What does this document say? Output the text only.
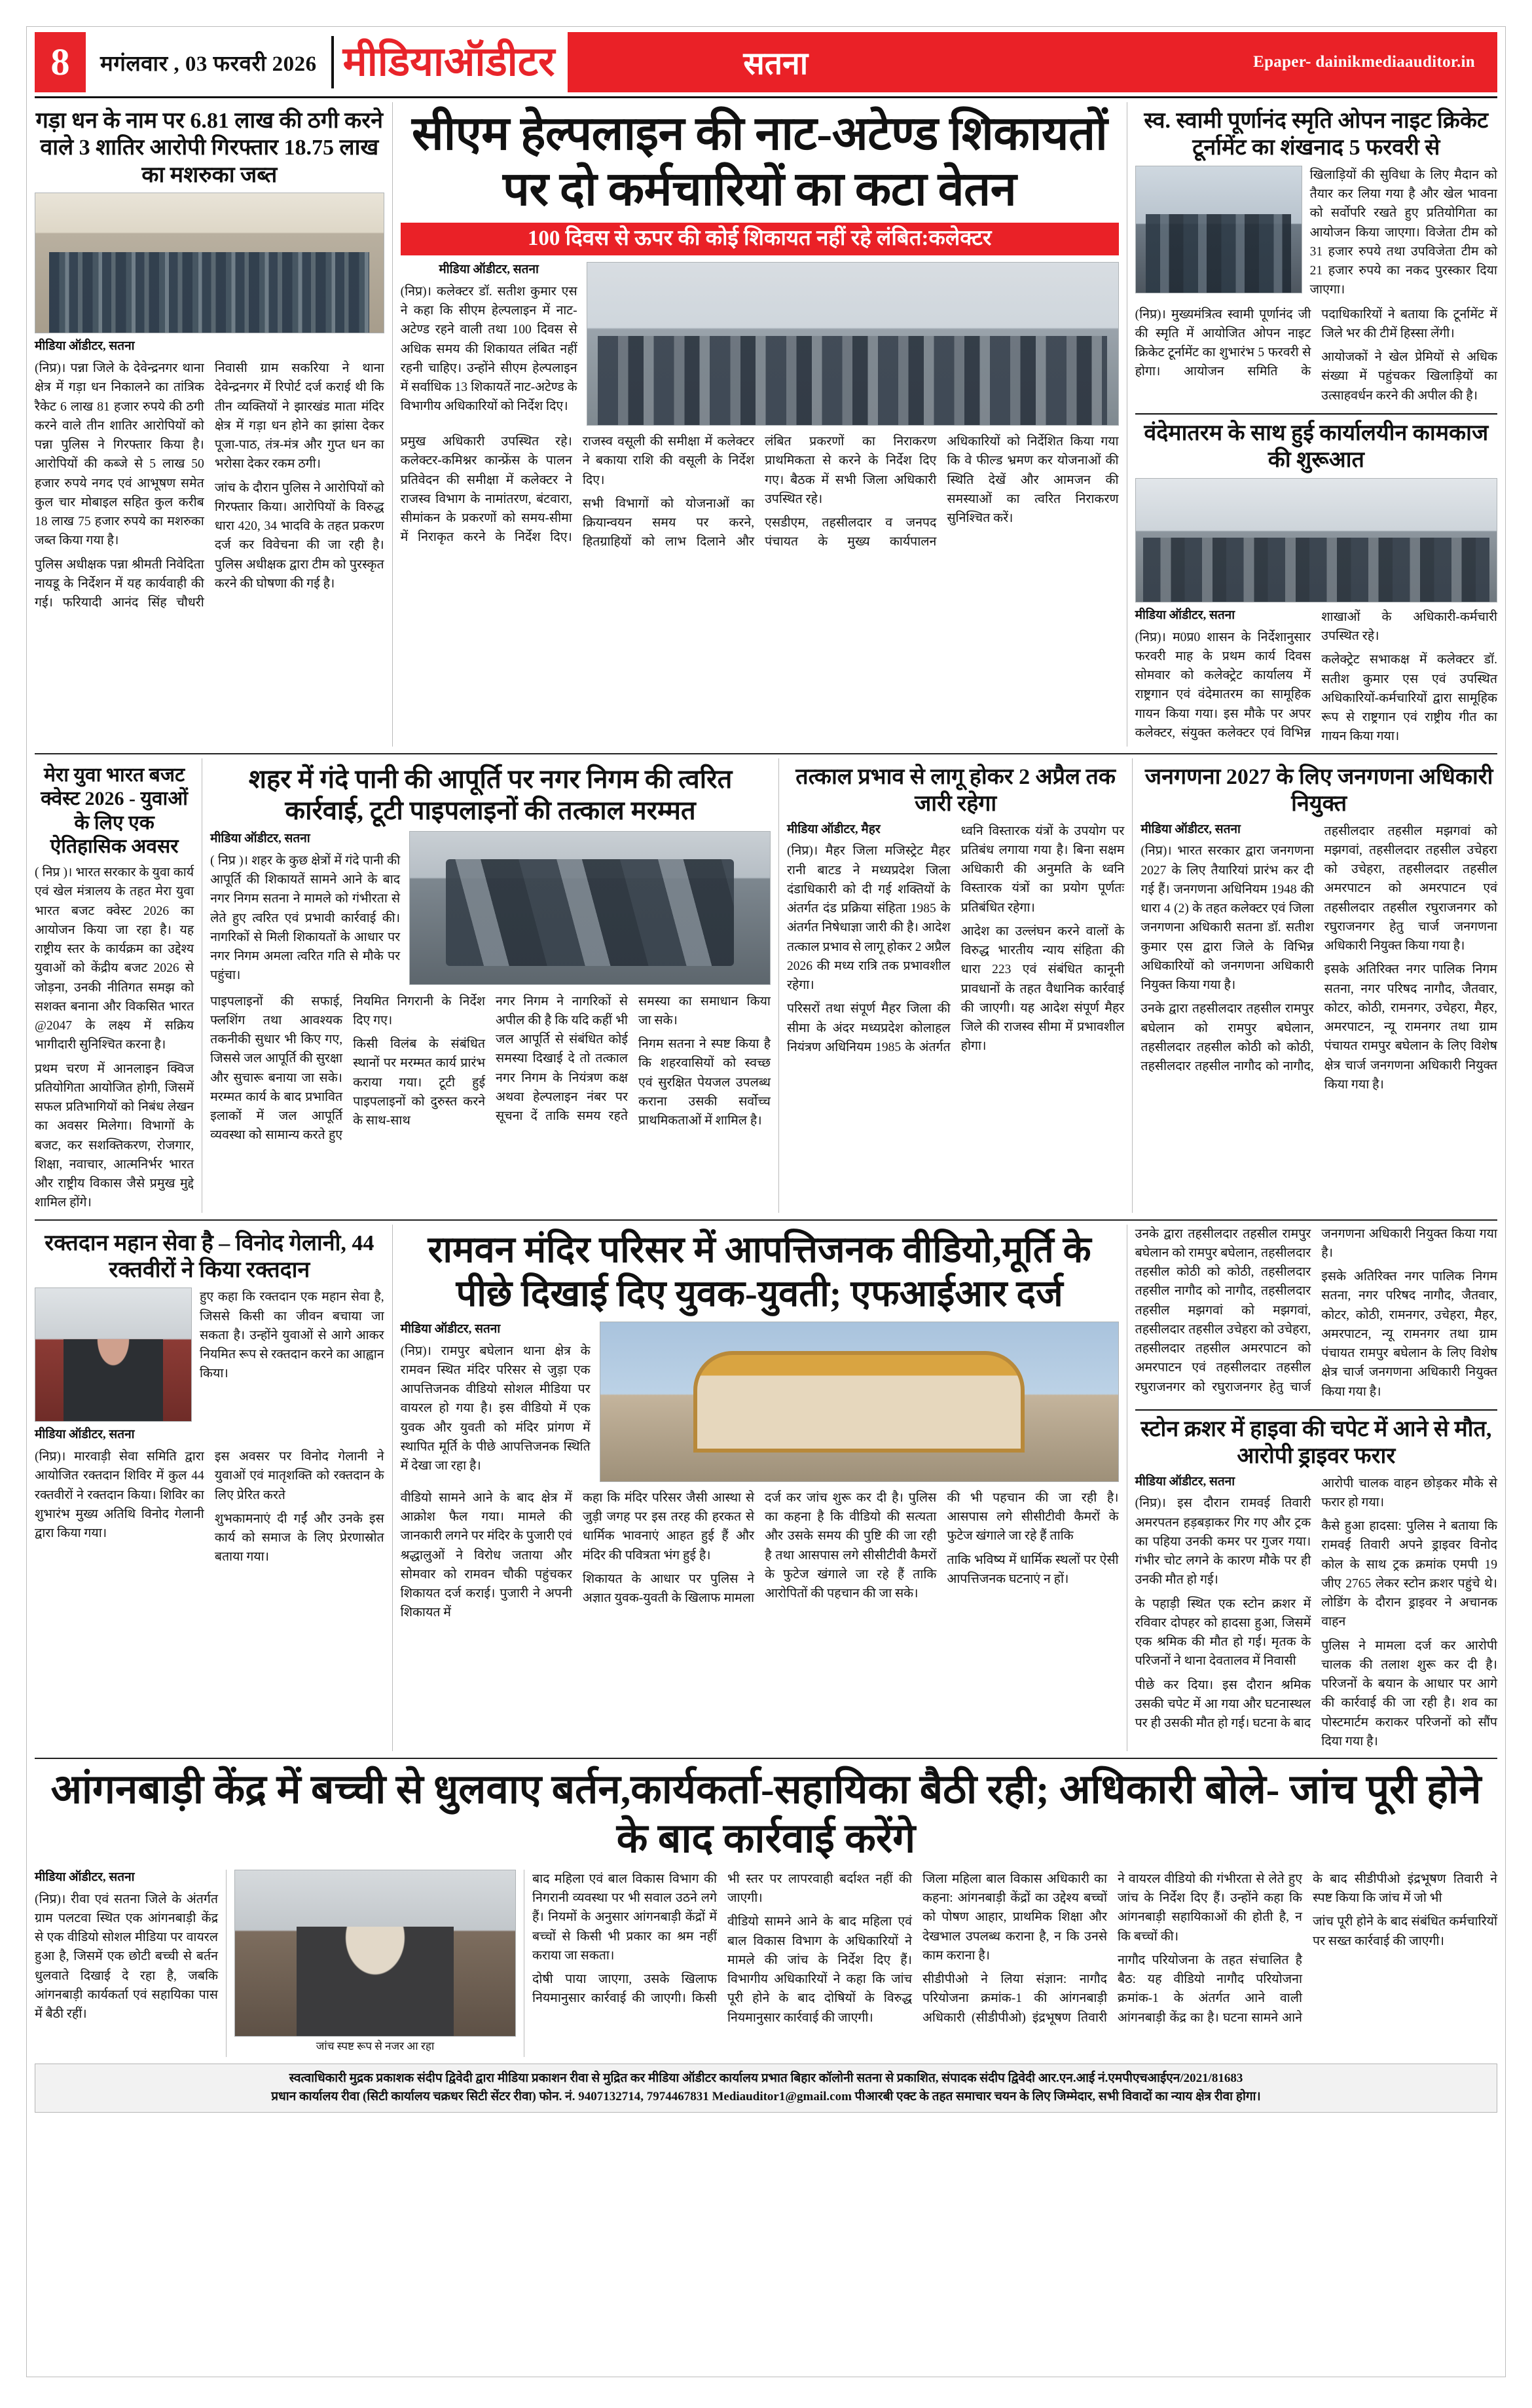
8	मगंलवार , 03 फरवरी 2026 मीडियाऑडीटर	सतना	Epaper- dainikmediaauditor.in
गड़ा धन के नाम पर 6.81 लाख की ठगी करने वाले 3 शातिर आरोपी गिरफ्तार 18.75 लाख का मशरुका जब्त
मीडिया ऑडीटर, सतना

(निप्र)। पन्ना जिले के देवेन्द्रनगर थाना क्षेत्र में गड़ा धन निकालने का तांत्रिक रैकेट 6 लाख 81 हजार रुपये की ठगी करने वाले तीन शातिर आरोपियों को पन्ना पुलिस ने गिरफ्तार किया है। आरोपियों की कब्जे से 5 लाख 50 हजार रुपये नगद एवं आभूषण समेत कुल चार मोबाइल सहित कुल करीब 18 लाख 75 हजार रुपये का मशरुका जब्त किया गया है।

पुलिस अधीक्षक पन्ना श्रीमती निवेदिता नायडू के निर्देशन में यह कार्यवाही की गई। फरियादी आनंद सिंह चौधरी निवासी ग्राम सकरिया ने थाना देवेन्द्रनगर में रिपोर्ट दर्ज कराई थी कि तीन व्यक्तियों ने झारखंड माता मंदिर क्षेत्र में गड़ा धन होने का झांसा देकर पूजा-पाठ, तंत्र-मंत्र और गुप्त धन का भरोसा देकर रकम ठगी।

जांच के दौरान पुलिस ने आरोपियों को गिरफ्तार किया। आरोपियों के विरुद्ध धारा 420, 34 भादवि के तहत प्रकरण दर्ज कर विवेचना की जा रही है। पुलिस अधीक्षक द्वारा टीम को पुरस्कृत करने की घोषणा की गई है।

सीएम हेल्पलाइन की नाट-अटेण्ड शिकायतों पर दो कर्मचारियों का कटा वेतन
100 दिवस से ऊपर की कोई शिकायत नहीं रहे लंबित:कलेक्टर
मीडिया ऑडीटर, सतना

(निप्र)। कलेक्टर डॉ. सतीश कुमार एस ने कहा कि सीएम हेल्पलाइन में नाट-अटेण्ड रहने वाली तथा 100 दिवस से अधिक समय की शिकायत लंबित नहीं रहनी चाहिए। उन्होंने सीएम हेल्पलाइन में सर्वाधिक 13 शिकायतें नाट-अटेण्ड के विभागीय अधिकारियों को निर्देश दिए।

प्रमुख अधिकारी उपस्थित रहे। कलेक्टर-कमिश्नर कान्फ्रेंस के पालन प्रतिवेदन की समीक्षा में कलेक्टर ने राजस्व विभाग के नामांतरण, बंटवारा, सीमांकन के प्रकरणों को समय-सीमा में निराकृत करने के निर्देश दिए। राजस्व वसूली की समीक्षा में कलेक्टर ने बकाया राशि की वसूली के निर्देश दिए।

सभी विभागों को योजनाओं का क्रियान्वयन समय पर करने, हितग्राहियों को लाभ दिलाने और लंबित प्रकरणों का निराकरण प्राथमिकता से करने के निर्देश दिए गए। बैठक में सभी जिला अधिकारी उपस्थित रहे।

एसडीएम, तहसीलदार व जनपद पंचायत के मुख्य कार्यपालन अधिकारियों को निर्देशित किया गया कि वे फील्ड भ्रमण कर योजनाओं की स्थिति देखें और आमजन की समस्याओं का त्वरित निराकरण सुनिश्चित करें।

स्व. स्वामी पूर्णानंद स्मृति ओपन नाइट क्रिकेट टूर्नामेंट का शंखनाद 5 फरवरी से

खिलाड़ियों की सुविधा के लिए मैदान को तैयार कर लिया गया है और खेल भावना को सर्वोपरि रखते हुए प्रतियोगिता का आयोजन किया जाएगा। विजेता टीम को 31 हजार रुपये तथा उपविजेता टीम को 21 हजार रुपये का नकद पुरस्कार दिया जाएगा।

(निप्र)। मुख्यमंत्रित्व स्वामी पूर्णानंद जी की स्मृति में आयोजित ओपन नाइट क्रिकेट टूर्नामेंट का शुभारंभ 5 फरवरी से होगा। आयोजन समिति के पदाधिकारियों ने बताया कि टूर्नामेंट में जिले भर की टीमें हिस्सा लेंगी।

आयोजकों ने खेल प्रेमियों से अधिक संख्या में पहुंचकर खिलाड़ियों का उत्साहवर्धन करने की अपील की है।

वंदेमातरम के साथ हुई कार्यालयीन कामकाज की शुरूआत
मीडिया ऑडीटर, सतना

(निप्र)। म0प्र0 शासन के निर्देशानुसार फरवरी माह के प्रथम कार्य दिवस सोमवार को कलेक्ट्रेट कार्यालय में राष्ट्रगान एवं वंदेमातरम का सामूहिक गायन किया गया। इस मौके पर अपर कलेक्टर, संयुक्त कलेक्टर एवं विभिन्न शाखाओं के अधिकारी-कर्मचारी उपस्थित रहे।

कलेक्ट्रेट सभाकक्ष में कलेक्टर डॉ. सतीश कुमार एस एवं उपस्थित अधिकारियों-कर्मचारियों द्वारा सामूहिक रूप से राष्ट्रगान एवं राष्ट्रीय गीत का गायन किया गया।

मेरा युवा भारत बजट क्वेस्ट 2026 - युवाओं के लिए एक ऐतिहासिक अवसर

( निप्र )। भारत सरकार के युवा कार्य एवं खेल मंत्रालय के तहत मेरा युवा भारत बजट क्वेस्ट 2026 का आयोजन किया जा रहा है। यह राष्ट्रीय स्तर के कार्यक्रम का उद्देश्य युवाओं को केंद्रीय बजट 2026 से जोड़ना, उनकी नीतिगत समझ को सशक्त बनाना और विकसित भारत @2047 के लक्ष्य में सक्रिय भागीदारी सुनिश्चित करना है।

प्रथम चरण में आनलाइन क्विज प्रतियोगिता आयोजित होगी, जिसमें सफल प्रतिभागियों को निबंध लेखन का अवसर मिलेगा। विभागों के बजट, कर सशक्तिकरण, रोजगार, शिक्षा, नवाचार, आत्मनिर्भर भारत और राष्ट्रीय विकास जैसे प्रमुख मुद्दे शामिल होंगे।

शहर में गंदे पानी की आपूर्ति पर नगर निगम की त्वरित कार्रवाई, टूटी पाइपलाइनों की तत्काल मरम्मत
मीडिया ऑडीटर, सतना

( निप्र )। शहर के कुछ क्षेत्रों में गंदे पानी की आपूर्ति की शिकायतें सामने आने के बाद नगर निगम सतना ने मामले को गंभीरता से लेते हुए त्वरित एवं प्रभावी कार्रवाई की। नागरिकों से मिली शिकायतों के आधार पर नगर निगम अमला त्वरित गति से मौके पर पहुंचा।

पाइपलाइनों की सफाई, फ्लशिंग तथा आवश्यक तकनीकी सुधार भी किए गए, जिससे जल आपूर्ति की सुरक्षा और सुचारू बनाया जा सके। मरम्मत कार्य के बाद प्रभावित इलाकों में जल आपूर्ति व्यवस्था को सामान्य करते हुए नियमित निगरानी के निर्देश दिए गए।

किसी विलंब के संबंधित स्थानों पर मरम्मत कार्य प्रारंभ कराया गया। टूटी हुई पाइपलाइनों को दुरुस्त करने के साथ-साथ

नगर निगम ने नागरिकों से अपील की है कि यदि कहीं भी जल आपूर्ति से संबंधित कोई समस्या दिखाई दे तो तत्काल नगर निगम के नियंत्रण कक्ष अथवा हेल्पलाइन नंबर पर सूचना दें ताकि समय रहते समस्या का समाधान किया जा सके।

निगम सतना ने स्पष्ट किया है कि शहरवासियों को स्वच्छ एवं सुरक्षित पेयजल उपलब्ध कराना उसकी सर्वोच्च प्राथमिकताओं में शामिल है।

तत्काल प्रभाव से लागू होकर 2 अप्रैल तक जारी रहेगा
मीडिया ऑडीटर, मैहर

(निप्र)। मैहर जिला मजिस्ट्रेट मैहर रानी बाटड ने मध्यप्रदेश जिला दंडाधिकारी को दी गई शक्तियों के अंतर्गत दंड प्रक्रिया संहिता 1985 के अंतर्गत निषेधाज्ञा जारी की है। आदेश तत्काल प्रभाव से लागू होकर 2 अप्रैल 2026 की मध्य रात्रि तक प्रभावशील रहेगा।

परिसरों तथा संपूर्ण मैहर जिला की सीमा के अंदर मध्यप्रदेश कोलाहल नियंत्रण अधिनियम 1985 के अंतर्गत ध्वनि विस्तारक यंत्रों के उपयोग पर प्रतिबंध लगाया गया है। बिना सक्षम अधिकारी की अनुमति के ध्वनि विस्तारक यंत्रों का प्रयोग पूर्णतः प्रतिबंधित रहेगा।

आदेश का उल्लंघन करने वालों के विरुद्ध भारतीय न्याय संहिता की धारा 223 एवं संबंधित कानूनी प्रावधानों के तहत वैधानिक कार्रवाई की जाएगी। यह आदेश संपूर्ण मैहर जिले की राजस्व सीमा में प्रभावशील होगा।

जनगणना 2027 के लिए जनगणना अधिकारी नियुक्त
मीडिया ऑडीटर, सतना

(निप्र)। भारत सरकार द्वारा जनगणना 2027 के लिए तैयारियां प्रारंभ कर दी गई हैं। जनगणना अधिनियम 1948 की धारा 4 (2) के तहत कलेक्टर एवं जिला जनगणना अधिकारी सतना डॉ. सतीश कुमार एस द्वारा जिले के विभिन्न अधिकारियों को जनगणना अधिकारी नियुक्त किया गया है।

उनके द्वारा तहसीलदार तहसील रामपुर बघेलान को रामपुर बघेलान, तहसीलदार तहसील कोठी को कोठी, तहसीलदार तहसील नागौद को नागौद, तहसीलदार तहसील मझगवां को मझगवां, तहसीलदार तहसील उचेहरा को उचेहरा, तहसीलदार तहसील अमरपाटन को अमरपाटन एवं तहसीलदार तहसील रघुराजनगर को रघुराजनगर हेतु चार्ज जनगणना अधिकारी नियुक्त किया गया है।

इसके अतिरिक्त नगर पालिक निगम सतना, नगर परिषद नागौद, जैतवार, कोटर, कोठी, रामनगर, उचेहरा, मैहर, अमरपाटन, न्यू रामनगर तथा ग्राम पंचायत रामपुर बघेलान के लिए विशेष क्षेत्र चार्ज जनगणना अधिकारी नियुक्त किया गया है।

रक्तदान महान सेवा है – विनोद गेलानी, 44 रक्तवीरों ने किया रक्तदान

हुए कहा कि रक्तदान एक महान सेवा है, जिससे किसी का जीवन बचाया जा सकता है। उन्होंने युवाओं से आगे आकर नियमित रूप से रक्तदान करने का आह्वान किया।

मीडिया ऑडीटर, सतना

(निप्र)। मारवाड़ी सेवा समिति द्वारा आयोजित रक्तदान शिविर में कुल 44 रक्तवीरों ने रक्तदान किया। शिविर का शुभारंभ मुख्य अतिथि विनोद गेलानी द्वारा किया गया।

इस अवसर पर विनोद गेलानी ने युवाओं एवं मातृशक्ति को रक्तदान के लिए प्रेरित करते

शुभकामनाएं दी गईं और उनके इस कार्य को समाज के लिए प्रेरणास्रोत बताया गया।

रामवन मंदिर परिसर में आपत्तिजनक वीडियो,मूर्ति के पीछे दिखाई दिए युवक-युवती; एफआईआर दर्ज
मीडिया ऑडीटर, सतना

(निप्र)। रामपुर बघेलान थाना क्षेत्र के रामवन स्थित मंदिर परिसर से जुड़ा एक आपत्तिजनक वीडियो सोशल मीडिया पर वायरल हो गया है। इस वीडियो में एक युवक और युवती को मंदिर प्रांगण में स्थापित मूर्ति के पीछे आपत्तिजनक स्थिति में देखा जा रहा है।

वीडियो सामने आने के बाद क्षेत्र में आक्रोश फैल गया। मामले की जानकारी लगने पर मंदिर के पुजारी एवं श्रद्धालुओं ने विरोध जताया और सोमवार को रामवन चौकी पहुंचकर शिकायत दर्ज कराई। पुजारी ने अपनी शिकायत में

कहा कि मंदिर परिसर जैसी आस्था से जुड़ी जगह पर इस तरह की हरकत से धार्मिक भावनाएं आहत हुई हैं और मंदिर की पवित्रता भंग हुई है।

शिकायत के आधार पर पुलिस ने अज्ञात युवक-युवती के खिलाफ मामला दर्ज कर जांच शुरू कर दी है। पुलिस का कहना है कि वीडियो की सत्यता और उसके समय की पुष्टि की जा रही है तथा आसपास लगे सीसीटीवी कैमरों के फुटेज खंगाले जा रहे हैं ताकि आरोपितों की पहचान की जा सके।

की भी पहचान की जा रही है। आसपास लगे सीसीटीवी कैमरों के फुटेज खंगाले जा रहे हैं ताकि

ताकि भविष्य में धार्मिक स्थलों पर ऐसी आपत्तिजनक घटनाएं न हों।

उनके द्वारा तहसीलदार तहसील रामपुर बघेलान को रामपुर बघेलान, तहसीलदार तहसील कोठी को कोठी, तहसीलदार तहसील नागौद को नागौद, तहसीलदार तहसील मझगवां को मझगवां, तहसीलदार तहसील उचेहरा को उचेहरा, तहसीलदार तहसील अमरपाटन को अमरपाटन एवं तहसीलदार तहसील रघुराजनगर को रघुराजनगर हेतु चार्ज जनगणना अधिकारी नियुक्त किया गया है।

इसके अतिरिक्त नगर पालिक निगम सतना, नगर परिषद नागौद, जैतवार, कोटर, कोठी, रामनगर, उचेहरा, मैहर, अमरपाटन, न्यू रामनगर तथा ग्राम पंचायत रामपुर बघेलान के लिए विशेष क्षेत्र चार्ज जनगणना अधिकारी नियुक्त किया गया है।

स्टोन क्रशर में हाइवा की चपेट में आने से मौत, आरोपी ड्राइवर फरार
मीडिया ऑडीटर, सतना

(निप्र)। इस दौरान रामवई तिवारी अमरपतन हड़बड़ाकर गिर गए और ट्रक का पहिया उनकी कमर पर गुजर गया। गंभीर चोट लगने के कारण मौके पर ही उनकी मौत हो गई।

के पहाड़ी स्थित एक स्टोन क्रशर में रविवार दोपहर को हादसा हुआ, जिसमें एक श्रमिक की मौत हो गई। मृतक के परिजनों ने थाना देवतालव में निवासी

पीछे कर दिया। इस दौरान श्रमिक उसकी चपेट में आ गया और घटनास्थल पर ही उसकी मौत हो गई। घटना के बाद आरोपी चालक वाहन छोड़कर मौके से फरार हो गया।

कैसे हुआ हादसा: पुलिस ने बताया कि रामवई तिवारी अपने ड्राइवर विनोद कोल के साथ ट्रक क्रमांक एमपी 19 जीए 2765 लेकर स्टोन क्रशर पहुंचे थे। लोडिंग के दौरान ड्राइवर ने अचानक वाहन

पुलिस ने मामला दर्ज कर आरोपी चालक की तलाश शुरू कर दी है। परिजनों के बयान के आधार पर आगे की कार्रवाई की जा रही है। शव का पोस्टमार्टम कराकर परिजनों को सौंप दिया गया है।

आंगनबाड़ी केंद्र में बच्ची से धुलवाए बर्तन,कार्यकर्ता-सहायिका बैठी रही; अधिकारी बोले- जांच पूरी होने के बाद कार्रवाई करेंगे
मीडिया ऑडीटर, सतना

(निप्र)। रीवा एवं सतना जिले के अंतर्गत ग्राम पलटवा स्थित एक आंगनबाड़ी केंद्र से एक वीडियो सोशल मीडिया पर वायरल हुआ है, जिसमें एक छोटी बच्ची से बर्तन धुलवाते दिखाई दे रहा है, जबकि आंगनबाड़ी कार्यकर्ता एवं सहायिका पास में बैठी रहीं।

जांच स्पष्ट रूप से नजर आ रहा

बाद महिला एवं बाल विकास विभाग की निगरानी व्यवस्था पर भी सवाल उठने लगे हैं। नियमों के अनुसार आंगनबाड़ी केंद्रों में बच्चों से किसी भी प्रकार का श्रम नहीं कराया जा सकता।

दोषी पाया जाएगा, उसके खिलाफ नियमानुसार कार्रवाई की जाएगी। किसी भी स्तर पर लापरवाही बर्दाश्त नहीं की जाएगी।

वीडियो सामने आने के बाद महिला एवं बाल विकास विभाग के अधिकारियों ने मामले की जांच के निर्देश दिए हैं। विभागीय अधिकारियों ने कहा कि जांच पूरी होने के बाद दोषियों के विरुद्ध नियमानुसार कार्रवाई की जाएगी।

जिला महिला बाल विकास अधिकारी का कहना: आंगनबाड़ी केंद्रों का उद्देश्य बच्चों को पोषण आहार, प्राथमिक शिक्षा और देखभाल उपलब्ध कराना है, न कि उनसे काम कराना है।

सीडीपीओ ने लिया संज्ञान: नागौद परियोजना क्रमांक-1 की आंगनबाड़ी अधिकारी (सीडीपीओ) इंद्रभूषण तिवारी ने वायरल वीडियो की गंभीरता से लेते हुए जांच के निर्देश दिए हैं। उन्होंने कहा कि आंगनबाड़ी सहायिकाओं की होती है, न कि बच्चों की।

नागौद परियोजना के तहत संचालित है बैठ: यह वीडियो नागौद परियोजना क्रमांक-1 के अंतर्गत आने वाली आंगनबाड़ी केंद्र का है। घटना सामने आने के बाद सीडीपीओ इंद्रभूषण तिवारी ने स्पष्ट किया कि जांच में जो भी

जांच पूरी होने के बाद संबंधित कर्मचारियों पर सख्त कार्रवाई की जाएगी।

स्वत्वाधिकारी मुद्रक प्रकाशक संदीप द्विवेदी द्वारा मीडिया प्रकाशन रीवा से मुद्रित कर मीडिया ऑडीटर कार्यालय प्रभात बिहार कॉलोनी सतना से प्रकाशित, संपादक संदीप द्विवेदी आर.एन.आई नं.एमपीएचआईएन/2021/81683
प्रधान कार्यालय रीवा (सिटी कार्यालय चक्रधर सिटी सेंटर रीवा) फोन. नं. 9407132714, 7974467831 Mediauditor1@gmail.com पीआरबी एक्ट के तहत समाचार चयन के लिए जिम्मेदार, सभी विवादों का न्याय क्षेत्र रीवा होगा।
